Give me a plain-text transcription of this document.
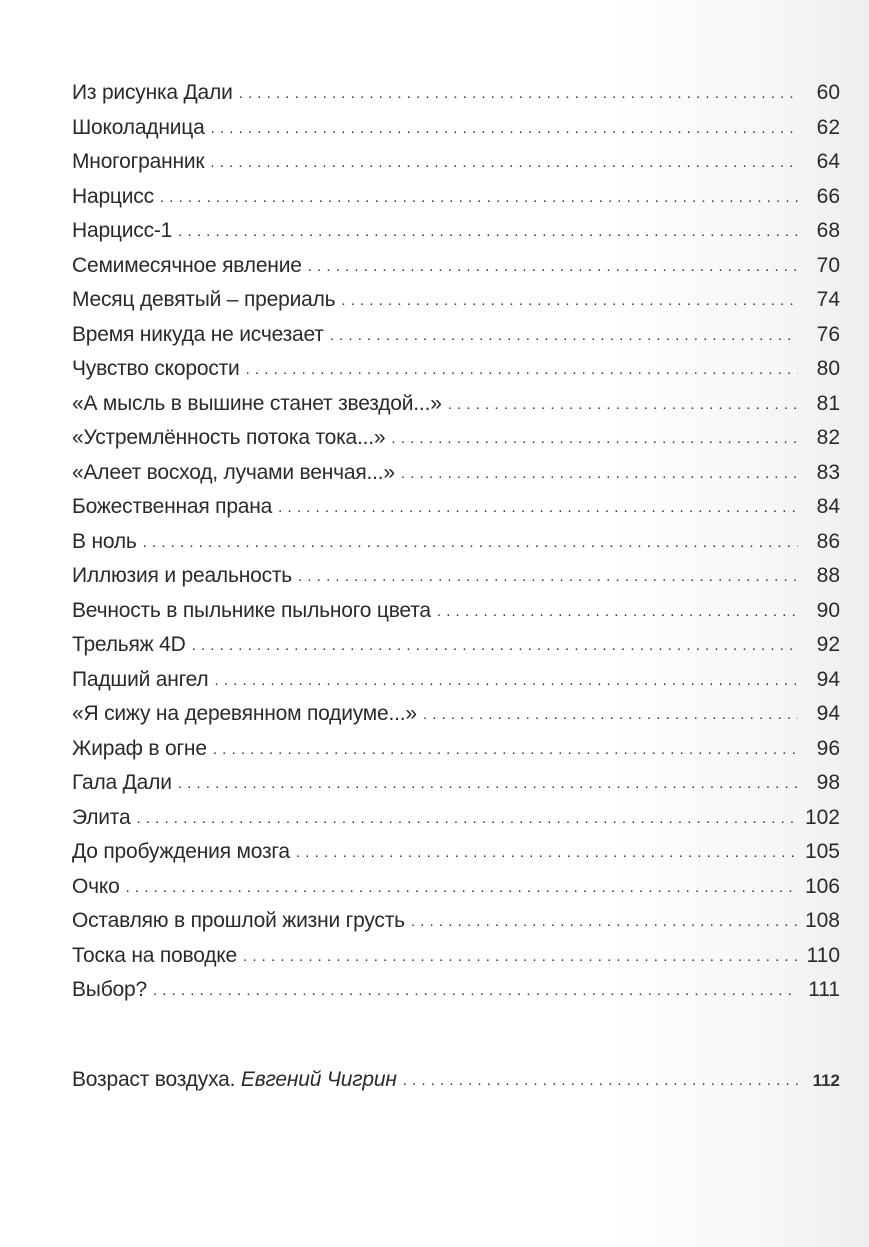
Из рисунка Дали . . .	60
Шоколадница . . .	62
Многогранник . . .	64
Нарцисс . . .	66
Нарцисс-1 . . .	68
Семимесячное явление . . .	70
Месяц девятый – прериаль . . .	74
Время никуда не исчезает . . .	76
Чувство скорости . . .	80
«А мысль в вышине станет звездой...» . . .	81
«Устремлённость потока тока...» . . .	82
«Алеет восход, лучами венчая...» . . .	83
Божественная прана . . .	84
В ноль . . .	86
Иллюзия и реальность . . .	88
Вечность в пыльнике пыльного цвета . . .	90
Трельяж 4D . . .	92
Падший ангел . . .	94
«Я сижу на деревянном подиуме...» . . .	94
Жираф в огне . . .	96
Гала Дали . . .	98
Элита . . .	102
До пробуждения мозга . . .	105
Очко . . .	106
Оставляю в прошлой жизни грусть . . .	108
Тоска на поводке . . .	110
Выбор? . . .	111
Возраст воздуха. Евгений Чигрин . . .	112
